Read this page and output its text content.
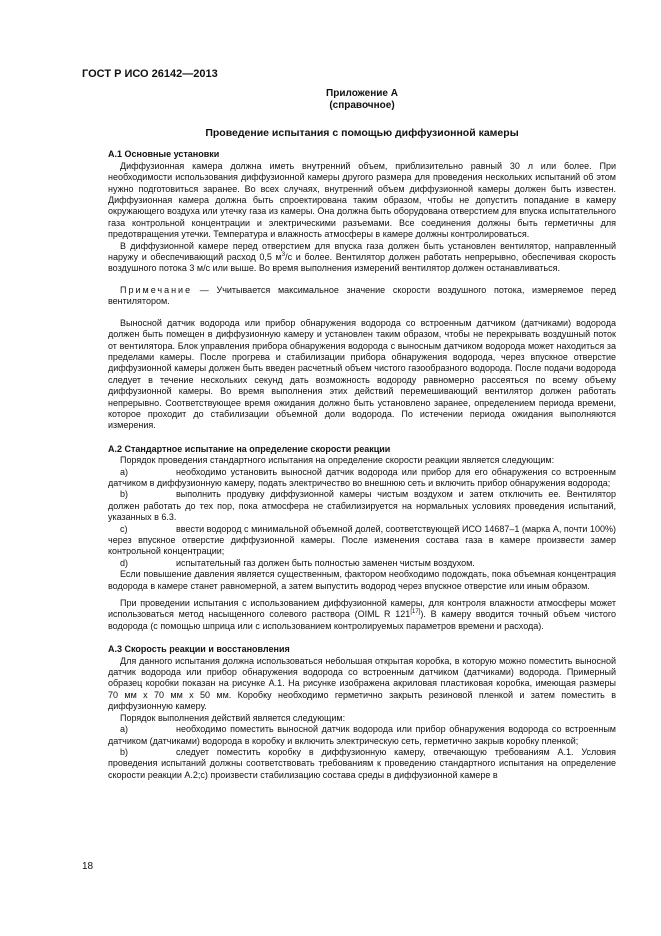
ГОСТ Р ИСО 26142—2013
Приложение А
(справочное)
Проведение испытания с помощью диффузионной камеры

А.1 Основные установки

Диффузионная камера должна иметь внутренний объем, приблизительно равный 30 л или более. При необходимости использования диффузионной камеры другого размера для проведения нескольких испытаний об этом нужно подготовиться заранее. Во всех случаях, внутренний объем диффузионной камеры должен быть известен. Диффузионная камера должна быть спроектирована таким образом, чтобы не допустить попадание в камеру окружающего воздуха или утечку газа из камеры. Она должна быть оборудована отверстием для впуска испытательного газа контрольной концентрации и электрическими разъемами. Все соединения должны быть герметичны для предотвращения утечки. Температура и влажность атмосферы в камере должны контролироваться.

В диффузионной камере перед отверстием для впуска газа должен быть установлен вентилятор, направленный наружу и обеспечивающий расход 0,5 $м^3/с$ и более. Вентилятор должен работать непрерывно, обеспечивая скорость воздушного потока 3 м/с или выше. Во время выполнения измерений вентилятор должен останавливаться.

Примечание — Учитывается максимальное значение скорости воздушного потока, измеряемое перед вентилятором.

Выносной датчик водорода или прибор обнаружения водорода со встроенным датчиком (датчиками) водорода должен быть помещен в диффузионную камеру и установлен таким образом, чтобы не перекрывать воздушный поток от вентилятора. Блок управления прибора обнаружения водорода с выносным датчиком водорода может находиться за пределами камеры. После прогрева и стабилизации прибора обнаружения водорода, через впускное отверстие диффузионной камеры должен быть введен расчетный объем чистого газообразного водорода. После подачи водорода следует в течение нескольких секунд дать возможность водороду равномерно рассеяться по всему объему диффузионной камеры. Во время выполнения этих действий перемешивающий вентилятор должен работать непрерывно. Соответствующее время ожидания должно быть установлено заранее, определением периода времени, которое проходит до стабилизации объемной доли водорода. По истечении периода ожидания выполняются измерения.

А.2 Стандартное испытание на определение скорости реакции

Порядок проведения стандартного испытания на определение скорости реакции является следующим:

a)	необходимо установить выносной датчик водорода или прибор для его обнаружения со встроенным датчиком в диффузионную камеру, подать электричество во внешнюю сеть и включить прибор обнаружения водорода;

b)	выполнить продувку диффузионной камеры чистым воздухом и затем отключить ее. Вентилятор должен работать до тех пор, пока атмосфера не стабилизируется на нормальных условиях проведения испытаний, указанных в 6.3.

c)	ввести водород с минимальной объемной долей, соответствующей ИСО 14687–1 (марка A, почти 100%) через впускное отверстие диффузионной камеры. После изменения состава газа в камере произвести замер контрольной концентрации;

d)	испытательный газ должен быть полностью заменен чистым воздухом.

Если повышение давления является существенным, фактором необходимо подождать, пока объемная концентрация водорода в камере станет равномерной, а затем выпустить водород через впускное отверстие или иным образом.

При проведении испытания с использованием диффузионной камеры, для контроля влажности атмосферы может использоваться метод насыщенного солевого раствора (OIML R 121[17]). В камеру вводится точный объем чистого водорода (с помощью шприца или с использованием контролируемых параметров времени и расхода).

А.3 Скорость реакции и восстановления

Для данного испытания должна использоваться небольшая открытая коробка, в которую можно поместить выносной датчик водорода или прибор обнаружения водорода со встроенным датчиком (датчиками) водорода. Примерный образец коробки показан на рисунке А.1. На рисунке изображена акриловая пластиковая коробка, имеющая размеры 70 мм х 70 мм х 50 мм. Коробку необходимо герметично закрыть резиновой пленкой и затем поместить в диффузионную камеру.

Порядок выполнения действий является следующим:

a)	необходимо поместить выносной датчик водорода или прибор обнаружения водорода со встроенным датчиком (датчиками) водорода в коробку и включить электрическую сеть, герметично закрыв коробку пленкой;

b)	следует поместить коробку в диффузионную камеру, отвечающую требованиям А.1. Условия проведения испытаний должны соответствовать требованиям к проведению стандартного испытания на определение скорости реакции А.2;c) произвести стабилизацию состава среды в диффузионной камере в

18
